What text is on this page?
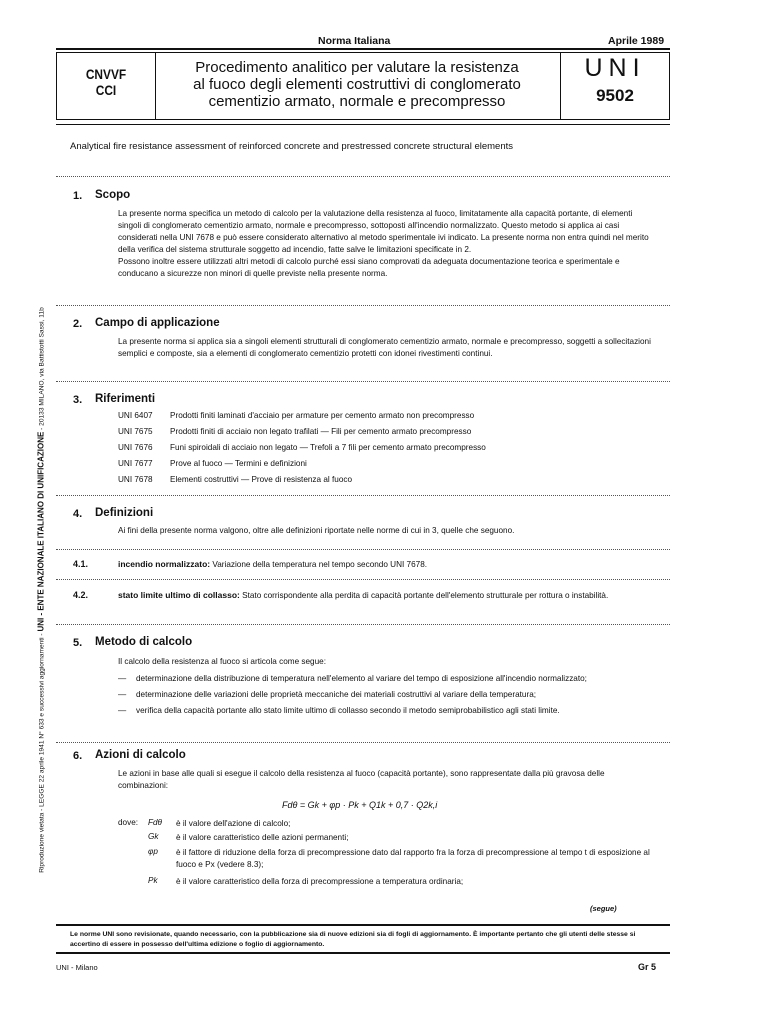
Norma Italiana	Aprile 1989
CNVVF
CCI
Procedimento analitico per valutare la resistenza
al fuoco degli elementi costruttivi di conglomerato
cementizio armato, normale e precompresso
UNI
9502
Analytical fire resistance assessment of reinforced concrete and prestressed concrete structural elements
1. Scopo

La presente norma specifica un metodo di calcolo per la valutazione della resistenza al fuoco, limitatamente alla capacità portante, di elementi singoli di conglomerato cementizio armato, normale e precompresso, sottoposti all'incendio normalizzato. Questo metodo si applica ai casi considerati nella UNI 7678 e può essere considerato alternativo al metodo sperimentale ivi indicato. La presente norma non entra quindi nel merito della verifica del sistema strutturale soggetto ad incendio, fatte salve le limitazioni specificate in 2.

Possono inoltre essere utilizzati altri metodi di calcolo purché essi siano comprovati da adeguata documentazione teorica e sperimentale e conducano a sicurezze non minori di quelle previste nella presente norma.

2. Campo di applicazione
La presente norma si applica sia a singoli elementi strutturali di conglomerato cementizio armato, normale e precompresso, soggetti a sollecitazioni semplici e composte, sia a elementi di conglomerato cementizio protetti con idonei rivestimenti continui.
3. Riferimenti
UNI 6407	Prodotti finiti laminati d'acciaio per armature per cemento armato non precompresso
UNI 7675	Prodotti finiti di acciaio non legato trafilati — Fili per cemento armato precompresso
UNI 7676	Funi spiroidali di acciaio non legato — Trefoli a 7 fili per cemento armato precompresso
UNI 7677	Prove al fuoco — Termini e definizioni
UNI 7678	Elementi costruttivi — Prove di resistenza al fuoco
4. Definizioni
Ai fini della presente norma valgono, oltre alle definizioni riportate nelle norme di cui in 3, quelle che seguono.
4.1.	incendio normalizzato: Variazione della temperatura nel tempo secondo UNI 7678.
4.2.	stato limite ultimo di collasso: Stato corrispondente alla perdita di capacità portante dell'elemento strutturale per rottura o instabilità.
5. Metodo di calcolo
Il calcolo della resistenza al fuoco si articola come segue:
— determinazione della distribuzione di temperatura nell'elemento al variare del tempo di esposizione all'incendio normalizzato;
— determinazione delle variazioni delle proprietà meccaniche dei materiali costruttivi al variare della temperatura;
— verifica della capacità portante allo stato limite ultimo di collasso secondo il metodo semiprobabilistico agli stati limite.
6. Azioni di calcolo
Le azioni in base alle quali si esegue il calcolo della resistenza al fuoco (capacità portante), sono rappresentate dalla più gravosa delle combinazioni:
Fdθ = Gk + φp · Pk + Q1k + 0,7 · Q2k,i
dove: Fdθ	è il valore dell'azione di calcolo;
Gk	è il valore caratteristico delle azioni permanenti;
φp	è il fattore di riduzione della forza di precompressione dato dal rapporto fra la forza di precompressione al tempo t di esposizione al fuoco e Px (vedere 8.3);
Pk	è il valore caratteristico della forza di precompressione a temperatura ordinaria;
(segue)
Le norme UNI sono revisionate, quando necessario, con la pubblicazione sia di nuove edizioni sia di fogli di aggiornamento. È importante pertanto che gli utenti delle stesse si accertino di essere in possesso dell'ultima edizione o foglio di aggiornamento.
UNI - Milano	Gr 5
Riproduzione vietata - LEGGE 22 aprile 1941 N° 633 e successivi aggiornamenti - UNI - ENTE NAZIONALE ITALIANO DI UNIFICAZIONE - 20133 MILANO, via Battistotti Sassi, 11b
